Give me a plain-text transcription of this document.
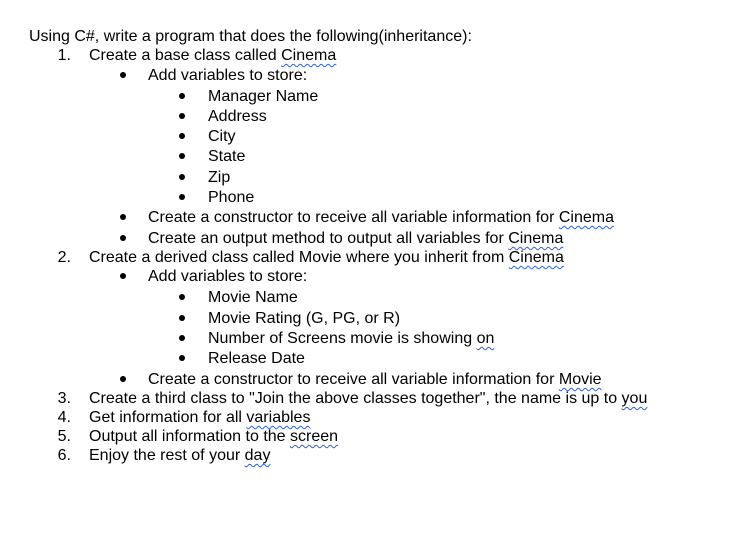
Using C#, write a program that does the following(inheritance):
1. Create a base class called Cinema
Add variables to store:
Manager Name
Address
City
State
Zip
Phone
Create a constructor to receive all variable information for Cinema
Create an output method to output all variables for Cinema
2. Create a derived class called Movie where you inherit from Cinema
Add variables to store:
Movie Name
Movie Rating (G, PG, or R)
Number of Screens movie is showing on
Release Date
Create a constructor to receive all variable information for Movie
3. Create a third class to "Join the above classes together", the name is up to you
4. Get information for all variables
5. Output all information to the screen
6. Enjoy the rest of your day
